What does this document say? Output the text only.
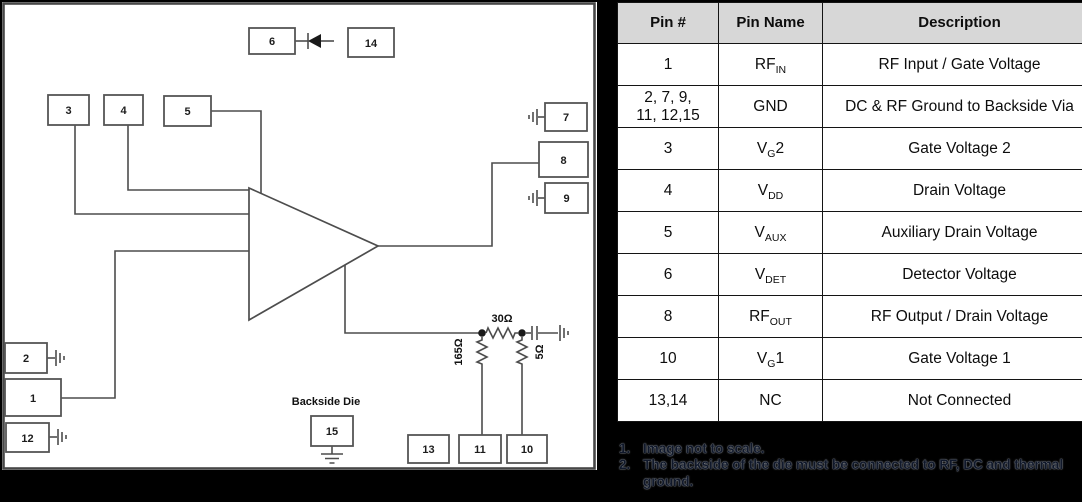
30Ω
165Ω	5Ω
Backside Die
6	14
3	4	5	7
8
9
2
1
12
15
13	11	10
Pin #	Pin Name	Description
1	$RF_{IN}$	RF Input / Gate Voltage
2, 7, 9,
11, 12,15	GND	DC & RF Ground to Backside Via
3	$V_G2$	Gate Voltage 2
4	$V_{DD}$	Drain Voltage
5	$V_{AUX}$	Auxiliary Drain Voltage
6	$V_{DET}$	Detector Voltage
8	$RF_{OUT}$	RF Output / Drain Voltage
10	$V_G1$	Gate Voltage 1
13,14	NC	Not Connected
1. Image not to scale.
2. The backside of the die must be connected to RF, DC and thermal ground.
